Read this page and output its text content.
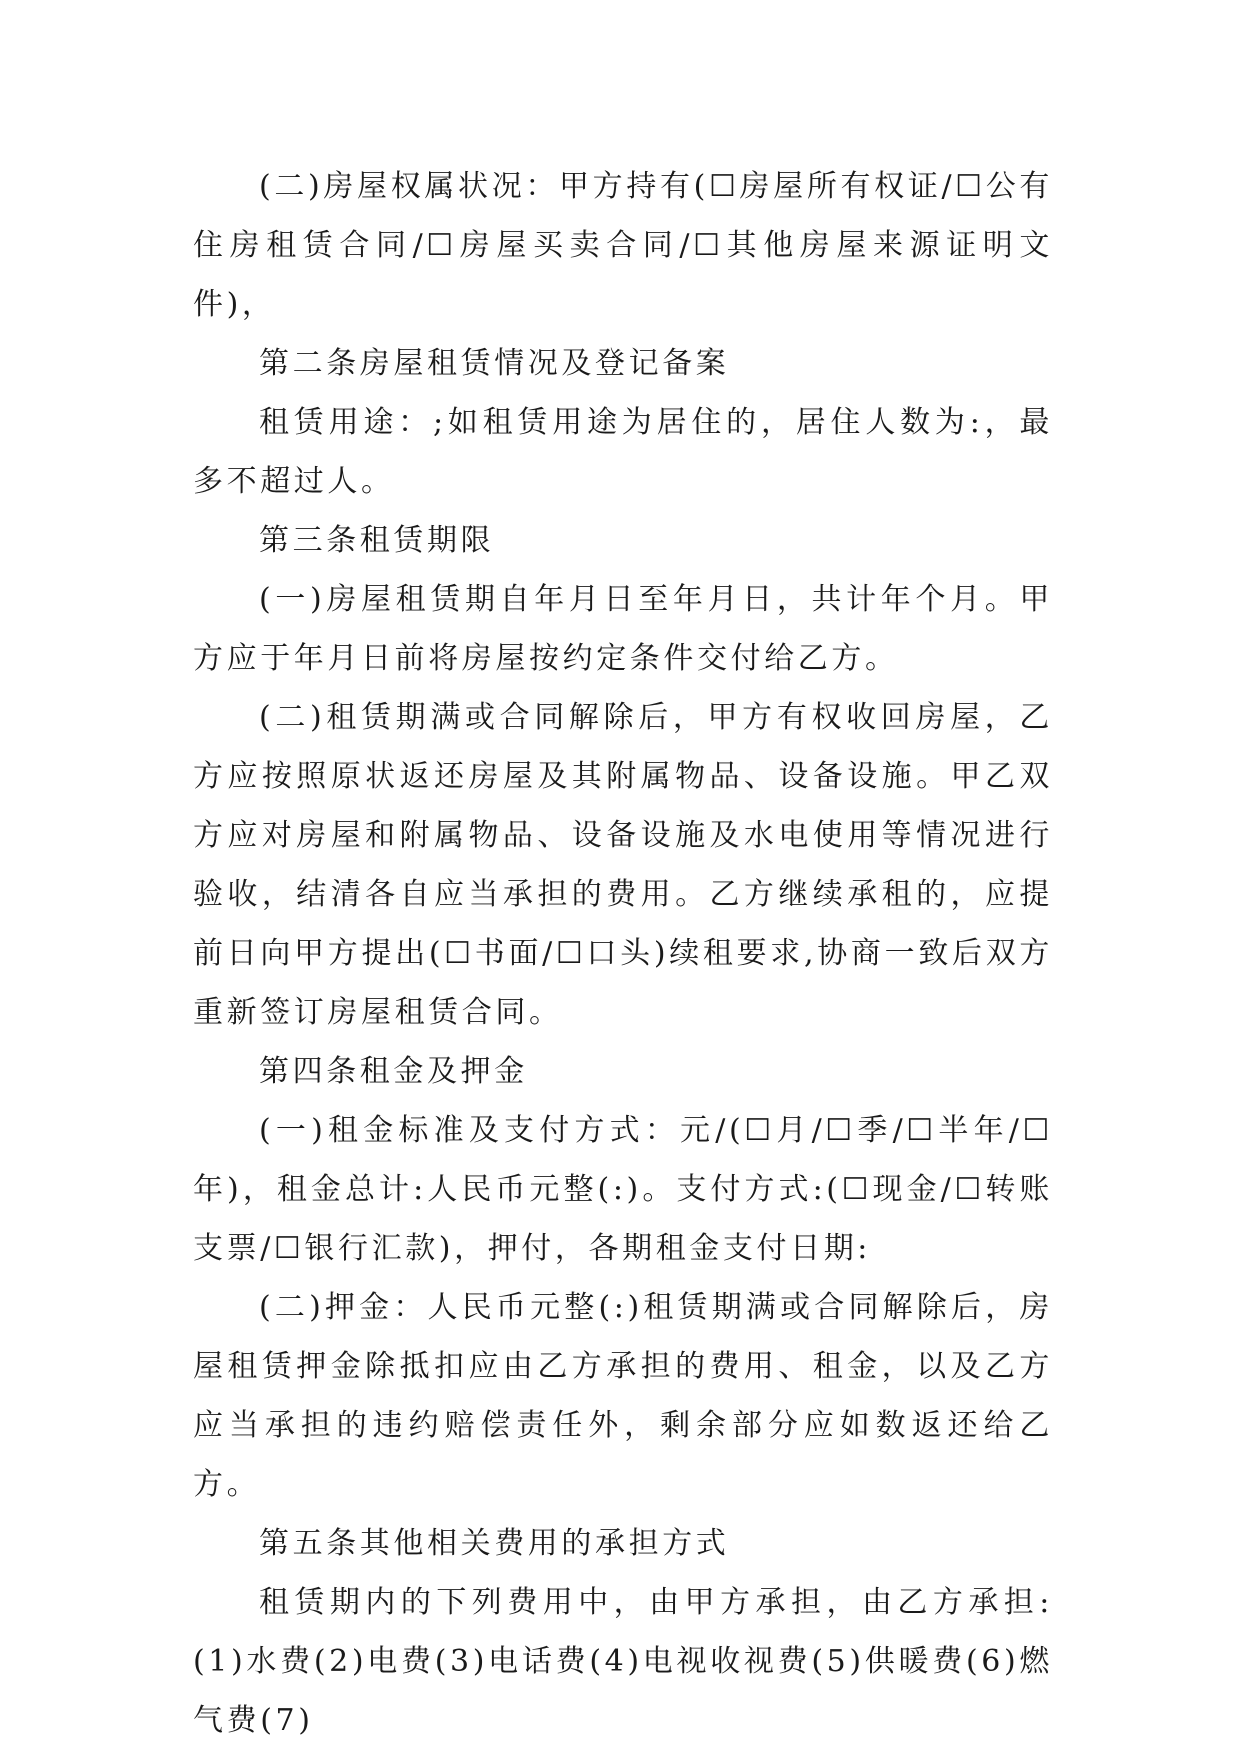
(二)房屋权属状况：甲方持有(☐房屋所有权证/☐公有住房租赁合同/☐房屋买卖合同/☐其他房屋来源证明文件)，

第二条房屋租赁情况及登记备案

租赁用途：;如租赁用途为居住的，居住人数为:，最多不超过人。

第三条租赁期限

(一)房屋租赁期自年月日至年月日，共计年个月。甲方应于年月日前将房屋按约定条件交付给乙方。

(二)租赁期满或合同解除后，甲方有权收回房屋，乙方应按照原状返还房屋及其附属物品、设备设施。甲乙双方应对房屋和附属物品、设备设施及水电使用等情况进行验收，结清各自应当承担的费用。乙方继续承租的，应提前日向甲方提出(☐书面/☐口头)续租要求,协商一致后双方重新签订房屋租赁合同。

第四条租金及押金

(一)租金标准及支付方式：元/(☐月/☐季/☐半年/☐年)，租金总计:人民币元整(:)。支付方式:(☐现金/☐转账支票/☐银行汇款)，押付，各期租金支付日期:

(二)押金：人民币元整(:)租赁期满或合同解除后，房屋租赁押金除抵扣应由乙方承担的费用、租金，以及乙方应当承担的违约赔偿责任外，剩余部分应如数返还给乙方。

第五条其他相关费用的承担方式

租赁期内的下列费用中，由甲方承担，由乙方承担:(1)水费(2)电费(3)电话费(4)电视收视费(5)供暖费(6)燃气费(7)
